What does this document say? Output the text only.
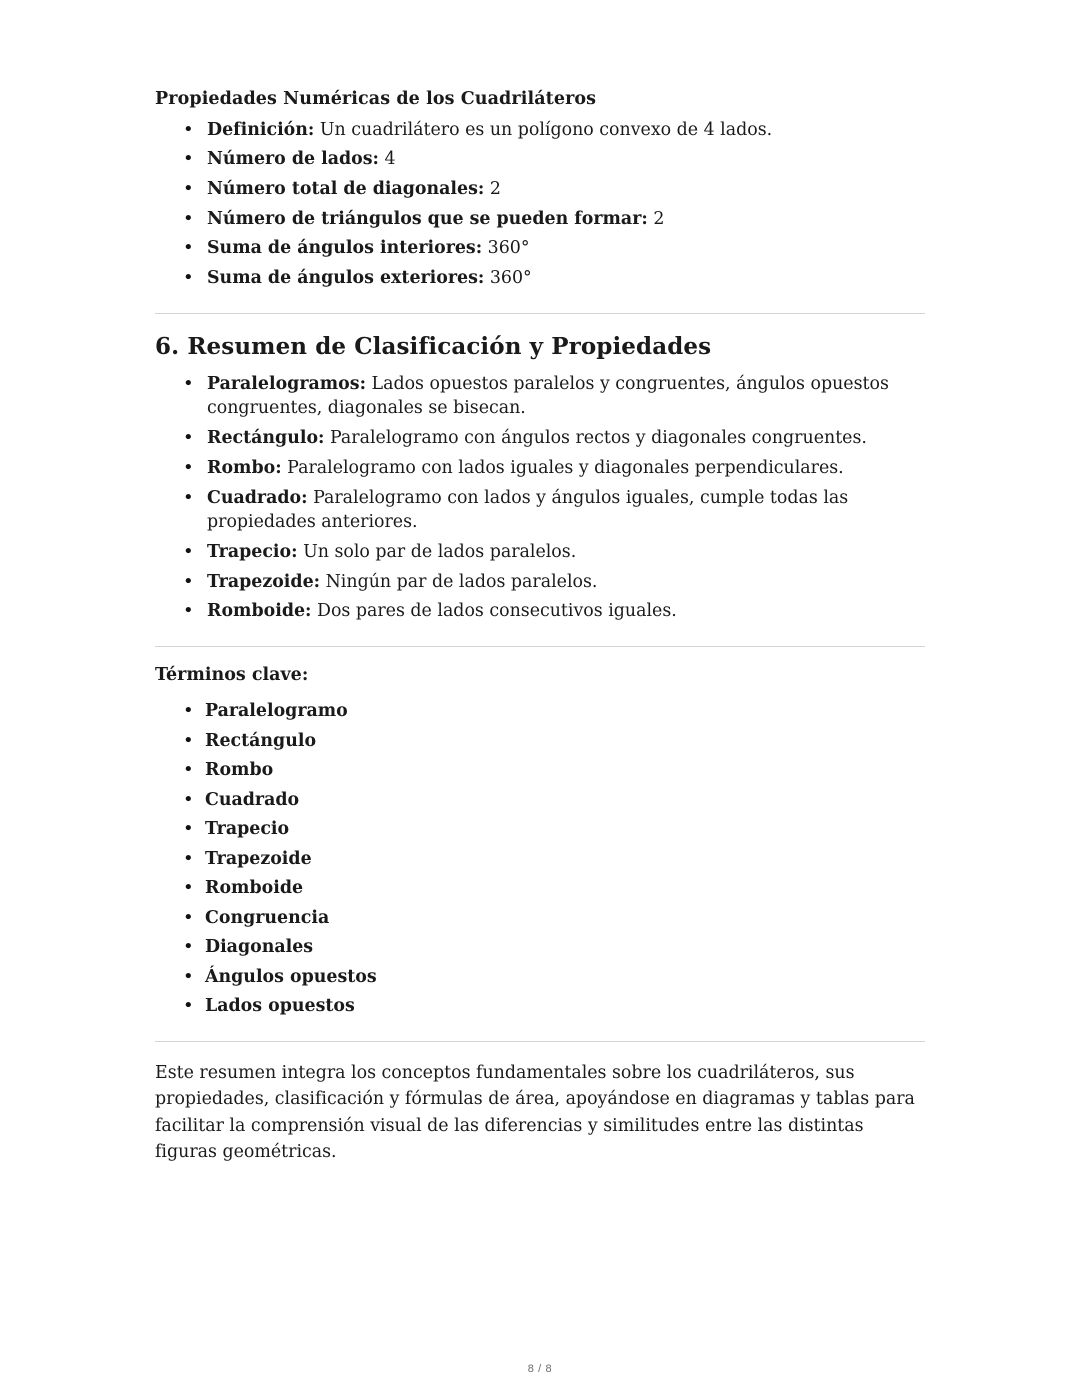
Propiedades Numéricas de los Cuadriláteros
• Definición: Un cuadrilátero es un polígono convexo de 4 lados.
• Número de lados: 4
• Número total de diagonales: 2
• Número de triángulos que se pueden formar: 2
• Suma de ángulos interiores: 360°
• Suma de ángulos exteriores: 360°
6. Resumen de Clasificación y Propiedades
• Paralelogramos: Lados opuestos paralelos y congruentes, ángulos opuestos congruentes, diagonales se bisecan.
• Rectángulo: Paralelogramo con ángulos rectos y diagonales congruentes.
• Rombo: Paralelogramo con lados iguales y diagonales perpendiculares.
• Cuadrado: Paralelogramo con lados y ángulos iguales, cumple todas las propiedades anteriores.
• Trapecio: Un solo par de lados paralelos.
• Trapezoide: Ningún par de lados paralelos.
• Romboide: Dos pares de lados consecutivos iguales.
Términos clave:
• Paralelogramo
• Rectángulo
• Rombo
• Cuadrado
• Trapecio
• Trapezoide
• Romboide
• Congruencia
• Diagonales
• Ángulos opuestos
• Lados opuestos

Este resumen integra los conceptos fundamentales sobre los cuadriláteros, sus propiedades, clasificación y fórmulas de área, apoyándose en diagramas y tablas para facilitar la comprensión visual de las diferencias y similitudes entre las distintas figuras geométricas.

8 / 8
